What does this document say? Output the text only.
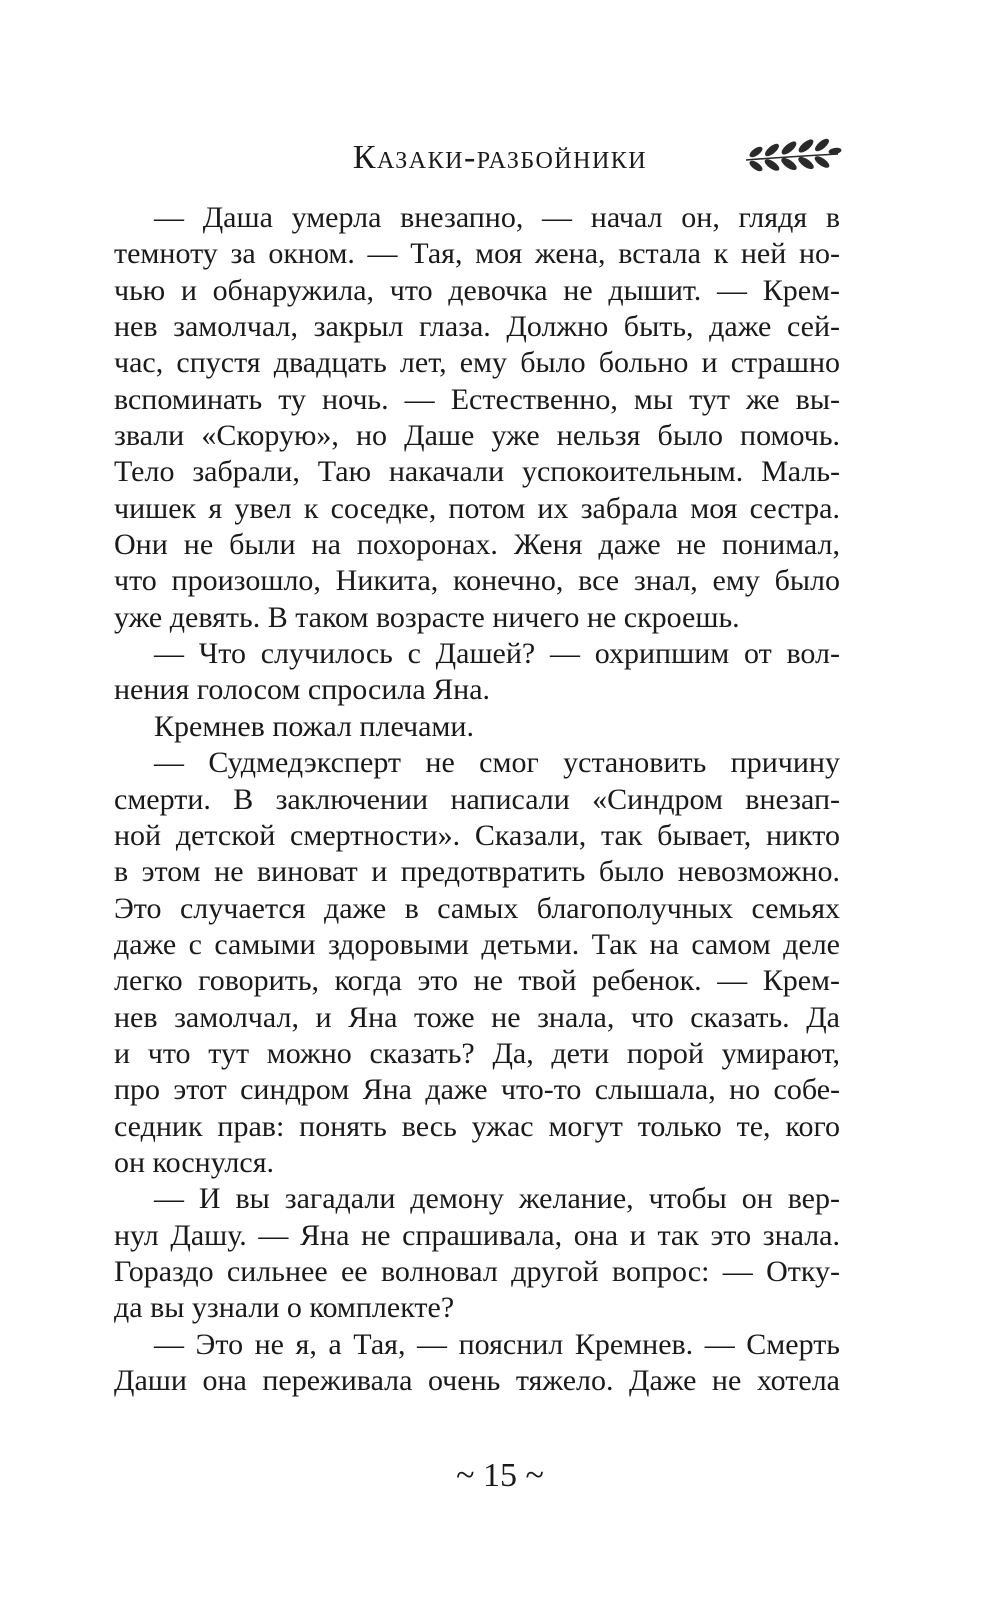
Казаки-разбойники
— Даша умерла внезапно, — начал он, глядя в
темноту за окном. — Тая, моя жена, встала к ней но-
чью и обнаружила, что девочка не дышит. — Крем-
нев замолчал, закрыл глаза. Должно быть, даже сей-
час, спустя двадцать лет, ему было больно и страшно
вспоминать ту ночь. — Естественно, мы тут же вы-
звали «Скорую», но Даше уже нельзя было помочь.
Тело забрали, Таю накачали успокоительным. Маль-
чишек я увел к соседке, потом их забрала моя сестра.
Они не были на похоронах. Женя даже не понимал,
что произошло, Никита, конечно, все знал, ему было
уже девять. В таком возрасте ничего не скроешь.
— Что случилось с Дашей? — охрипшим от вол-
нения голосом спросила Яна.
Кремнев пожал плечами.
— Судмедэксперт не смог установить причину
смерти. В заключении написали «Синдром внезап-
ной детской смертности». Сказали, так бывает, никто
в этом не виноват и предотвратить было невозможно.
Это случается даже в самых благополучных семьях
даже с самыми здоровыми детьми. Так на самом деле
легко говорить, когда это не твой ребенок. — Крем-
нев замолчал, и Яна тоже не знала, что сказать. Да
и что тут можно сказать? Да, дети порой умирают,
про этот синдром Яна даже что-то слышала, но собе-
седник прав: понять весь ужас могут только те, кого
он коснулся.
— И вы загадали демону желание, чтобы он вер-
нул Дашу. — Яна не спрашивала, она и так это знала.
Гораздо сильнее ее волновал другой вопрос: — Отку-
да вы узнали о комплекте?
— Это не я, а Тая, — пояснил Кремнев. — Смерть
Даши она переживала очень тяжело. Даже не хотела
~ 15 ~
